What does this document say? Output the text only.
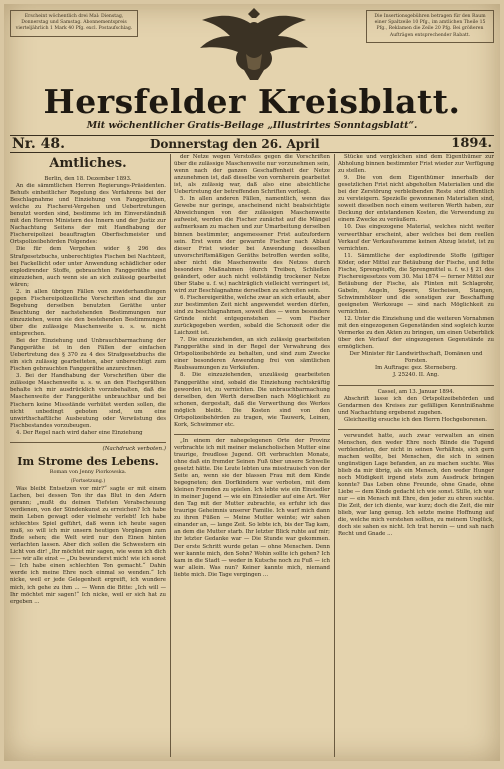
Erscheint wöchentlich drei Mal: Dienstag, Donnerstag und Samstag. Abonnementspreis vierteljährlich 1 Mark 40 Pfg. excl. Postaufschlag.
Die Insertionsgebühren betragen für den Raum einer Spaltzeile 10 Pfg., im amtlichen Theile 15 Pfg., Reklamen die Zeile 20 Pfg. Bei größeren Aufträgen entsprechender Rabatt.
Hersfelder Kreisblatt.
Mit wöchentlicher Gratis-Beilage „Illustrirtes Sonntagsblatt“.
Nr. 48.	Donnerstag den 26. April	1894.
Amtliches.
Berlin, den 18. Dezember 1893.

An die sämmtlichen Herren Regierungs-Präsidenten. Behufs einheitlicher Regelung des Verfahrens bei der Beschlagnahme und Einziehung von Fanggeräthen, welche zu Fischerei-Vergehen und Uebertretungen benutzt worden sind, bestimme ich im Einverständniß mit den Herren Ministern des Innern und der Justiz zur Nachachtung Seitens der mit Handhabung der Fischereipolizei beauftragten Oberfischmeister und Ortspolizeibehörden Folgendes:

Die für dem Vergehen wider § 296 des Strafgesetzbuchs, unberechtigtes Fischen bei Nachtzeit, bei Fackellicht oder unter Anwendung schädlicher oder explodirender Stoffe, gebrauchten Fanggeräthe sind einzuziehen, auch wenn sie an sich zulässig gearbeitet wären;

2. in allen übrigen Fällen von zuwiderhandlungen gegen Fischereipolizeiliche Vorschriften sind die zur Begehung derselben benutzten Geräthe unter Beachtung der nachstehenden Bestimmungen nur einzuziehen, wenn sie den bestehenden Bestimmungen über die zulässige Maschenweite u. s. w. nicht entsprechen.

Bei der Einziehung und Unbrauchbarmachung der Fanggeräthe ist in den Fällen der einfachen Uebertretung des § 370 zu 4 des Strafgesetzbuchs die ein sich zulässig gearbeiteten, aber unberechtigt zum Fischen gebrauchten Fanggeräthe anzurechnen.

3. Bei der Handhabung der Vorschriften über die zulässige Maschenweite u. s. w. an den Fischgeräthen behalte ich mir ausdrücklich vorzubehalten, daß die Maschenweite der Fanggeräthe unbrauchbar und bei Fischern keine Missstände verhütet werden sollen, die nicht unbedingt geboten sind, um eine unwirthschaftliche Ausbeutung oder Verwüstung des Fischbestandes vorzubeugen.

4. Der Regel nach wird daher eine Einziehung

(Nachdruck verboten.)
Im Strome des Lebens.
Roman von Jenny Piorkowska.
(Fortsetzung.)

Was bleibt Entsetzen vor mir?“ sagte er mit einem Lachen, bei dessen Ton ihr das Blut in den Adern gerann; „mußt du deinen Tiefsten Verabscheuung verdienen, von der Sündenkunst zu erreichen? Ich habe mein Leben gewagt oder vielmehr verlebt! Ich habe schlechtes Spiel geführt, daß wenn ich heute sagen muß, so will ich mir unsern heutigen Vorgängen zum Ende sehen; die Welt wird nur den Einen hinten verlachten lassen. Aber dich sollen die Schwestern ein Licht von dir! „Ihr möchtet mir sagen, wie wenn ich dich —— wir alle einst — „Du bewunderst mich! wie ich sonst — Ich habe einen schlechten Ton gemacht.“ Dahin werde ich meine Ehre noch einmal so wenden.“ Ich nicke, weil er jede Gelegenheit ergreift, ich wundere mich, ich gehe zu ihm ... — Wenn die Bitte: „Ich will — Ihr möchtet mir sagen!“ Ich nicke, weil er sich hat zu ergeben ...

der Netze wegen Verstoßes gegen die Vorschriften über die zulässige Maschenweite nur vorzunehmen sein, wenn nach der ganzen Geschaffenheit der Netze anzunehmen ist, daß dieselbe von vornherein gearbeitet ist, als zulässig war, daß also eine absichtliche Uebertretung der betreffenden Schriften vorliegt.

5. In allen anderen Fällen, namentlich, wenn das Gewebe nur geringe, anscheinend nicht beabsichtigte Abweichungen von der zulässigen Maschenweite aufweist, werden die Fischer zunächst auf die Mängel aufmerksam zu machen und zur Umarbeitung derselben binnen bestimmter, angemessener Frist aufzufordern sein. Erst wenn der gewarnte Fischer nach Ablauf dieser Frist wieder bei Anwendung desselben unvorschriftsmäßigen Geräths betroffen werden sollte, aber nicht die Maschenweite des Netzes durch besondere Maßnahmen (durch Treiben, Schließen geändert, oder auch nicht vollständig trockener Netze über Stabe u. f. w.) nachträglich vielleicht verringert ist, wird zur Beschlagnahme derselben zu schreiten sein.

6. Fischereigeräthe, welche zwar an sich erlaubt, aber zur bestimmten Zeit nicht angewendet werden dürfen, sind zu beschlagnahmen, soweit dies — wenn besondere Gründe nicht entgegenstehen — vom Fischer zurückgegeben werden, sobald die Schonzeit oder die Laichzeit ist.

7. Die einzuziehenden, an sich zulässig gearbeiteten Fanggeräthe sind in der Regel der Verwahrung des Ortspolizeibehörde zu behalten, und sind zum Zwecke einer besonderen Anwendung frei von sämtlichen Raubsaumungen zu Verkäufen.

8. Die einzuziehenden, unzulässig gearbeiteten Fanggeräthe sind, sobald die Einziehung rechtskräftig geworden ist, zu vernichten. Die unbrauchbarmachung derselben, den Werth derselben nach Möglichkeit zu schonen, dergestalt, daß die Verwerthung des Werkes möglich bleibt. Die Kosten sind von den Ortspolizeibehörden zu tragen, wie Tauwerk, Leinen, Kork, Schwimmer etc.

„In einem der nahegelegenen Orte der Provinz verbrachte ich mit meiner melancholischen Mutter eine traurige, freudlose Jugend. Oft verbrachten Monate, ohne daß ein fremder Seinen Fuß über unsere Schwelle gesetzt hätte. Die Leute lebten uns misstrauisch von der Seite an, wenn sie der blassen Frau mit dem Kinde begegneten; den Dorfkindern war verboten, mit dem kleinen Fremden zu spielen. Ich lebte wie ein Einsiedler in meiner Jugend — wie ein Einsiedler auf eine Art. Wer den Tag mit der Mutter zubrachte, es erfuhr ich das traurige Geheimnis unserer Familie. Ich warf mich dann zu ihren Füßen — Meine Mutter weinte; wir sahen einander an, — lange Zeit. So lebte ich, bis der Tag kam, an dem die Mutter starb. Ihr letzter Blick ruhte auf mir; ihr letzter Gedanke war — Die Stunde war gekommen. Der erste Schritt wurde getan — ohne Menschen. Denn wer kannte mich, den Sohn? Wohin sollte ich gehen? Ich kam in die Stadt — weder in Kutsche noch zu Fuß — ich war allein. Was nun? Keiner kannte mich, niemand liebte mich. Die Tage vergingen ...

Stücke und vergleichen sind dem Eigenthümer zur Abholung binnen bestimmter Frist wieder zur Verfügung zu stellen.

9. Die von dem Eigenthümer innerhalb der gesetzlichen Frist nicht abgeholten Materialien und die bei der Zerstörung verbleibenden Reste sind öffentlich zu versteigern. Spezielle gewonnenen Materialien sind, soweit dieselben noch einem weiteren Werth haben, zur Deckung der entstandenen Kosten, die Verwendung zu einem Zwecke zu veräußern.

10. Das eingezogene Material, welches nicht weiter verwerthbar erscheint, aber welches bei dem reellen Verkauf der Verkaufssumme keinen Abzug leistet, ist zu vernichten.

11. Sämmtliche der explodirende Stoffe (giftiger Köder, oder Mittel zur Betäubung der Fische, und fette Fische, Sprengstoffe, die Sprengmittel u. f. w.) § 21 des Fischereigesetzes vom 30. Mai 1874 — ferner Mittel zur Betäubung der Fische, als Flinten mit Schlagrohr, Gabeln, Angeln, Speere, Stecheisen, Stangen, Schwimmhölzer und die sonstigen zur Beschaffung geeigneten Werkzeuge — sind nach Möglichkeit zu vernichten.

12. Unter die Einziehung und die weiteren Vornahmen mit den eingezogenen Gegenständen sind sogleich kurze Vermerke zu den Akten zu bringen, um einen Ueberblick über den Verlauf der eingezogenen Gegenstände zu ermöglichen.

Der Minister für Landwirthschaft, Domänen und Forsten.
Im Auftrage: gez. Sterneberg.
J. 25240. II. Ang.
Cassel, am 13. Januar 1894.

Abschrift lasse ich den Ortspolizeibehörden und Gendarmen des Kreises zur gefälligen Kenntnißnahme und Nachachtung ergebenst zugehen.

Gleichzeitig ersuche ich den Herrn Hochgeborenen.

verwundet hatte, auch zwar verwalten an einen Menschen, den weder Ehre noch Blinde die Tugend verblendeten, der nicht in seinen Verhältnis, sich gern machen wollte, bei Menschen, die sich in seinen ungünstigen Lage befanden, an zu machen suchte. Was blieb da mir übrig, als ein Mensch, den weder Hunger noch Müdigkeit irgend stets zum Ausdruck bringen konnte? Das Leben ohne Freunde, ohne Gnade, ohne Liebe — dem Kinde gedacht ich wie sonst. Stille, ich war nur — ein Mensch mit Ehre, den jeder zu ehren suchte. Die Zeit, der ich diente, war kurz; doch die Zeit, die mir blieb, war lang genug. Ich setzte meine Hoffnung auf die, welche mich verstehen sollten, zu meinem Unglück, doch sie sahen es nicht. Ich trat herein — und sah nach Recht und Gnade ...
